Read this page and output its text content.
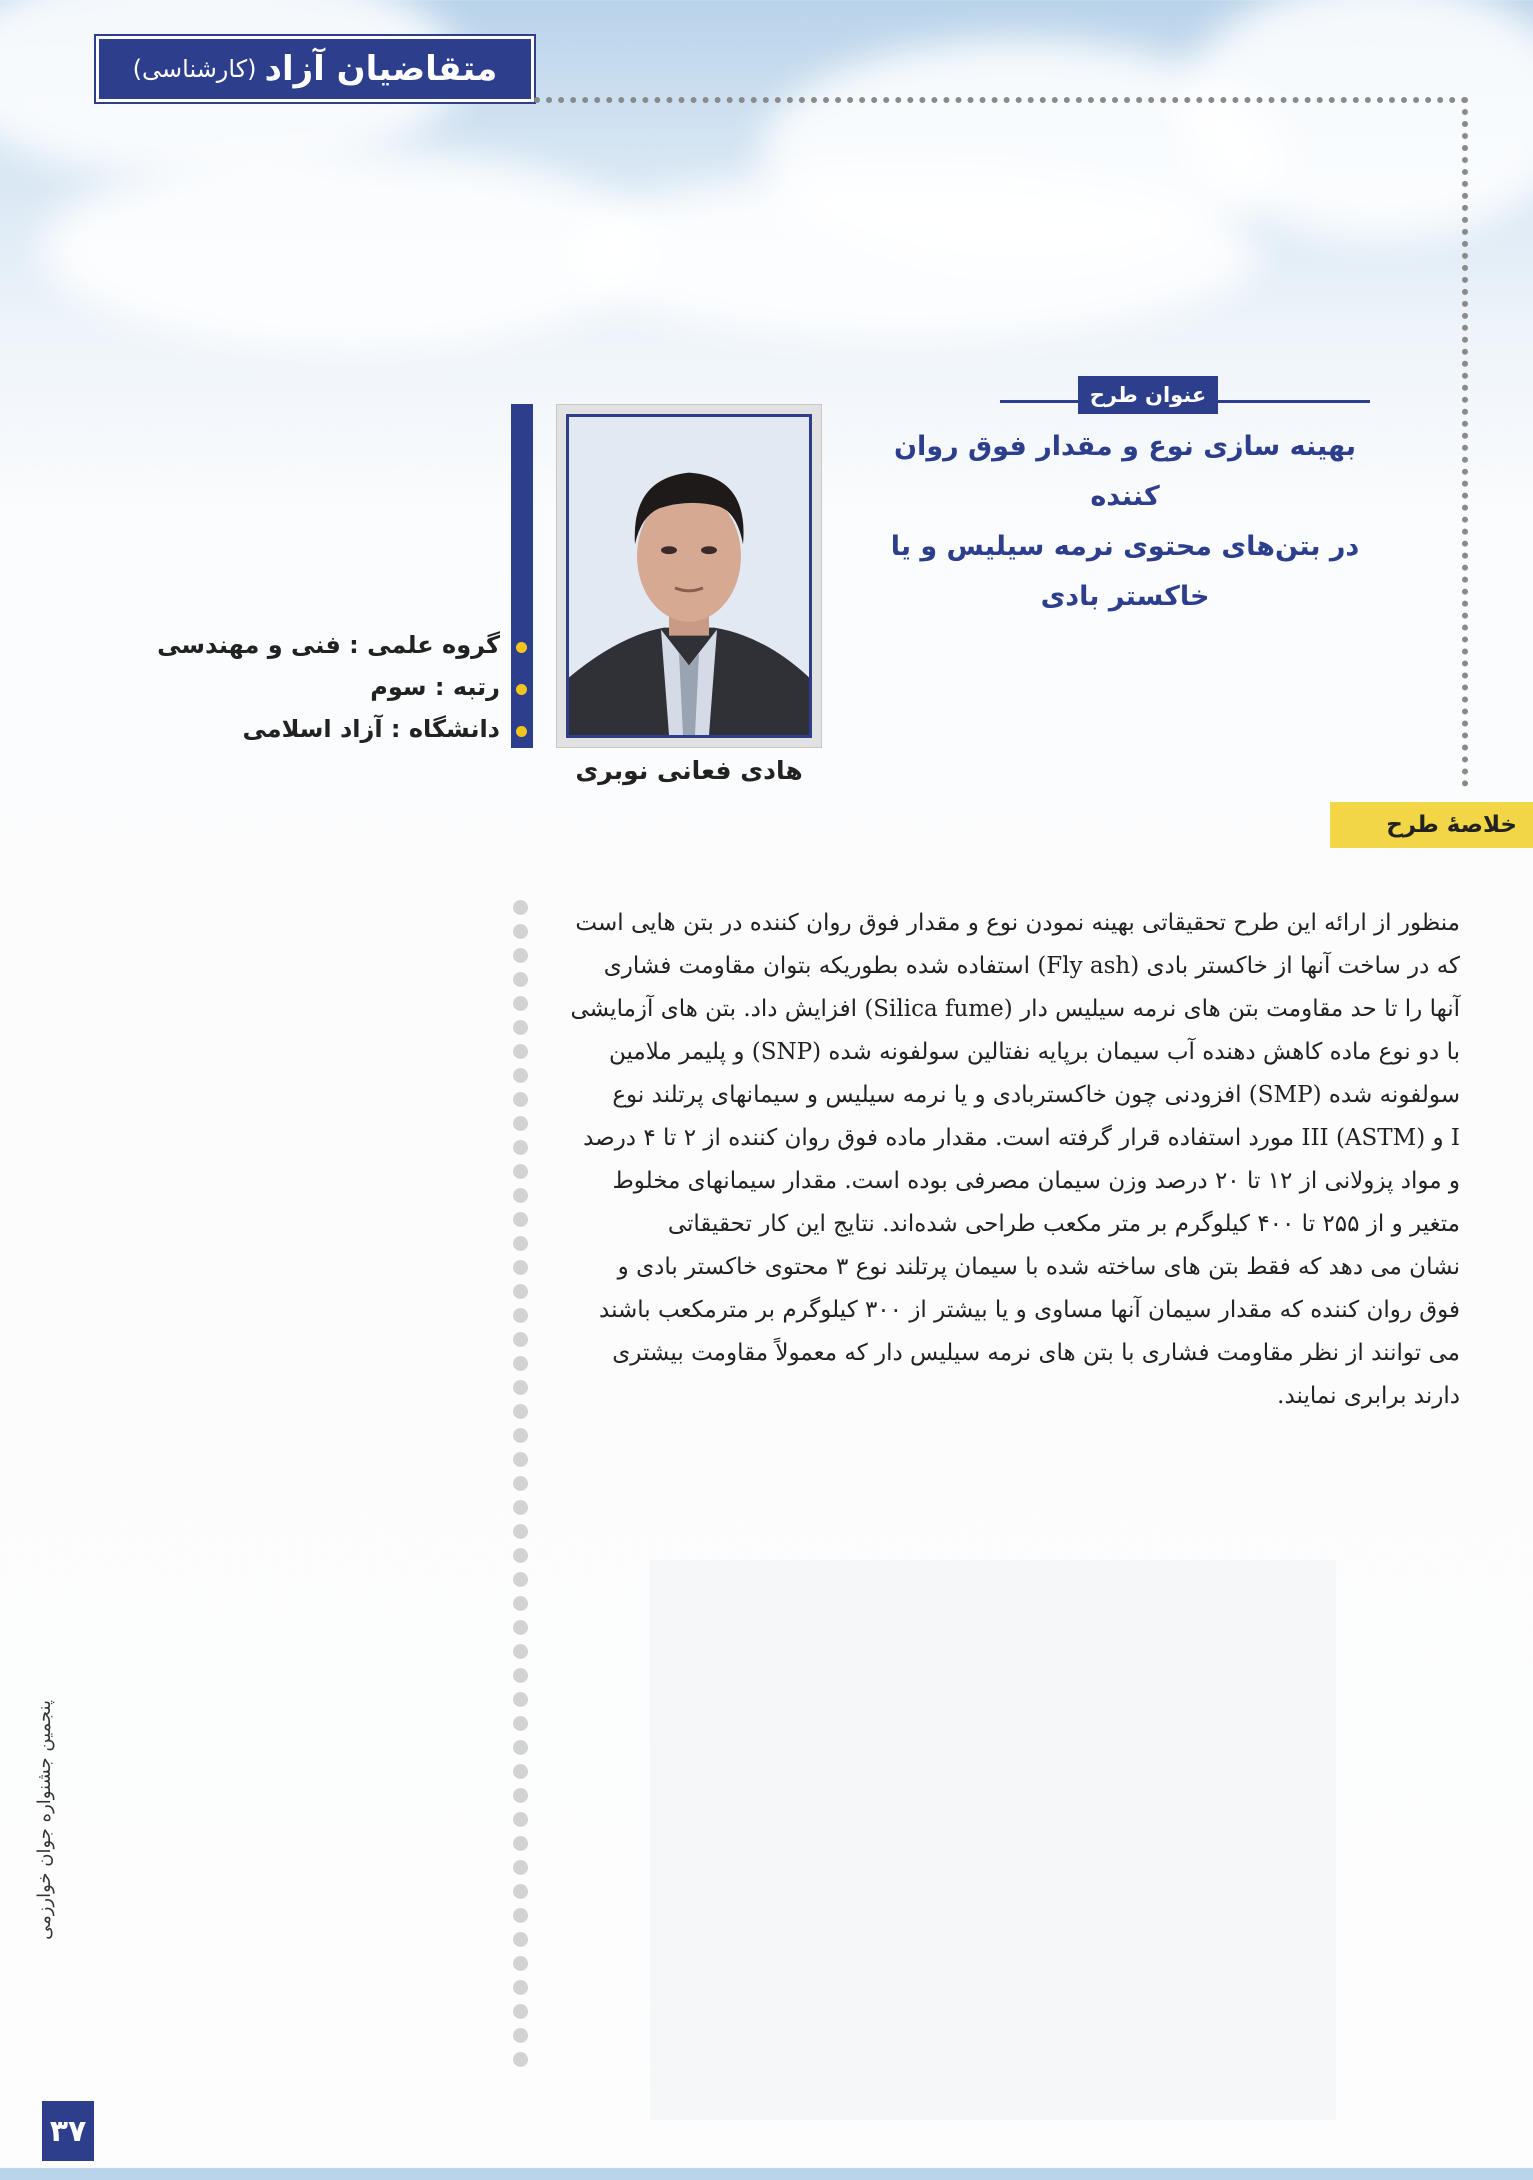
متقاضیان آزاد
(کارشناسی)
عنوان طرح
بهینه سازی نوع و مقدار فوق روان کننده
در بتن‌های محتوی نرمه سیلیس و یا
خاکستر بادی
هادی فعانی نوبری
گروه علمی : فنی و مهندسی
رتبه : سوم
دانشگاه : آزاد اسلامی
خلاصهٔ طرح
منظور از ارائه این طرح تحقیقاتی بهینه نمودن نوع و مقدار فوق روان کننده در بتن هایی است
که در ساخت آنها از خاکستر بادی (Fly ash) استفاده شده بطوریکه بتوان مقاومت فشاری
آنها را تا حد مقاومت بتن های نرمه سیلیس دار (Silica fume) افزایش داد. بتن های آزمایشی
با دو نوع ماده کاهش دهنده آب سیمان برپایه نفتالین سولفونه شده (SNP) و پلیمر ملامین
سولفونه شده (SMP) افزودنی چون خاکستربادی و یا نرمه سیلیس و سیمانهای پرتلند نوع
I و III (ASTM) مورد استفاده قرار گرفته است. مقدار ماده فوق روان کننده از ۲ تا ۴ درصد
و مواد پزولانی از ۱۲ تا ۲۰ درصد وزن سیمان مصرفی بوده است. مقدار سیمانهای مخلوط
متغیر و از ۲۵۵ تا ۴۰۰ کیلوگرم بر متر مکعب طراحی شده‌اند. نتایج این کار تحقیقاتی
نشان می دهد که فقط بتن های ساخته شده با سیمان پرتلند نوع ۳ محتوی خاکستر بادی و
فوق روان کننده که مقدار سیمان آنها مساوی و یا بیشتر از ۳۰۰ کیلوگرم بر مترمکعب باشند
می توانند از نظر مقاومت فشاری با بتن های نرمه سیلیس دار که معمولاً مقاومت بیشتری
دارند برابری نمایند.
پنجمین جشنواره جوان خوارزمی
۳۷
